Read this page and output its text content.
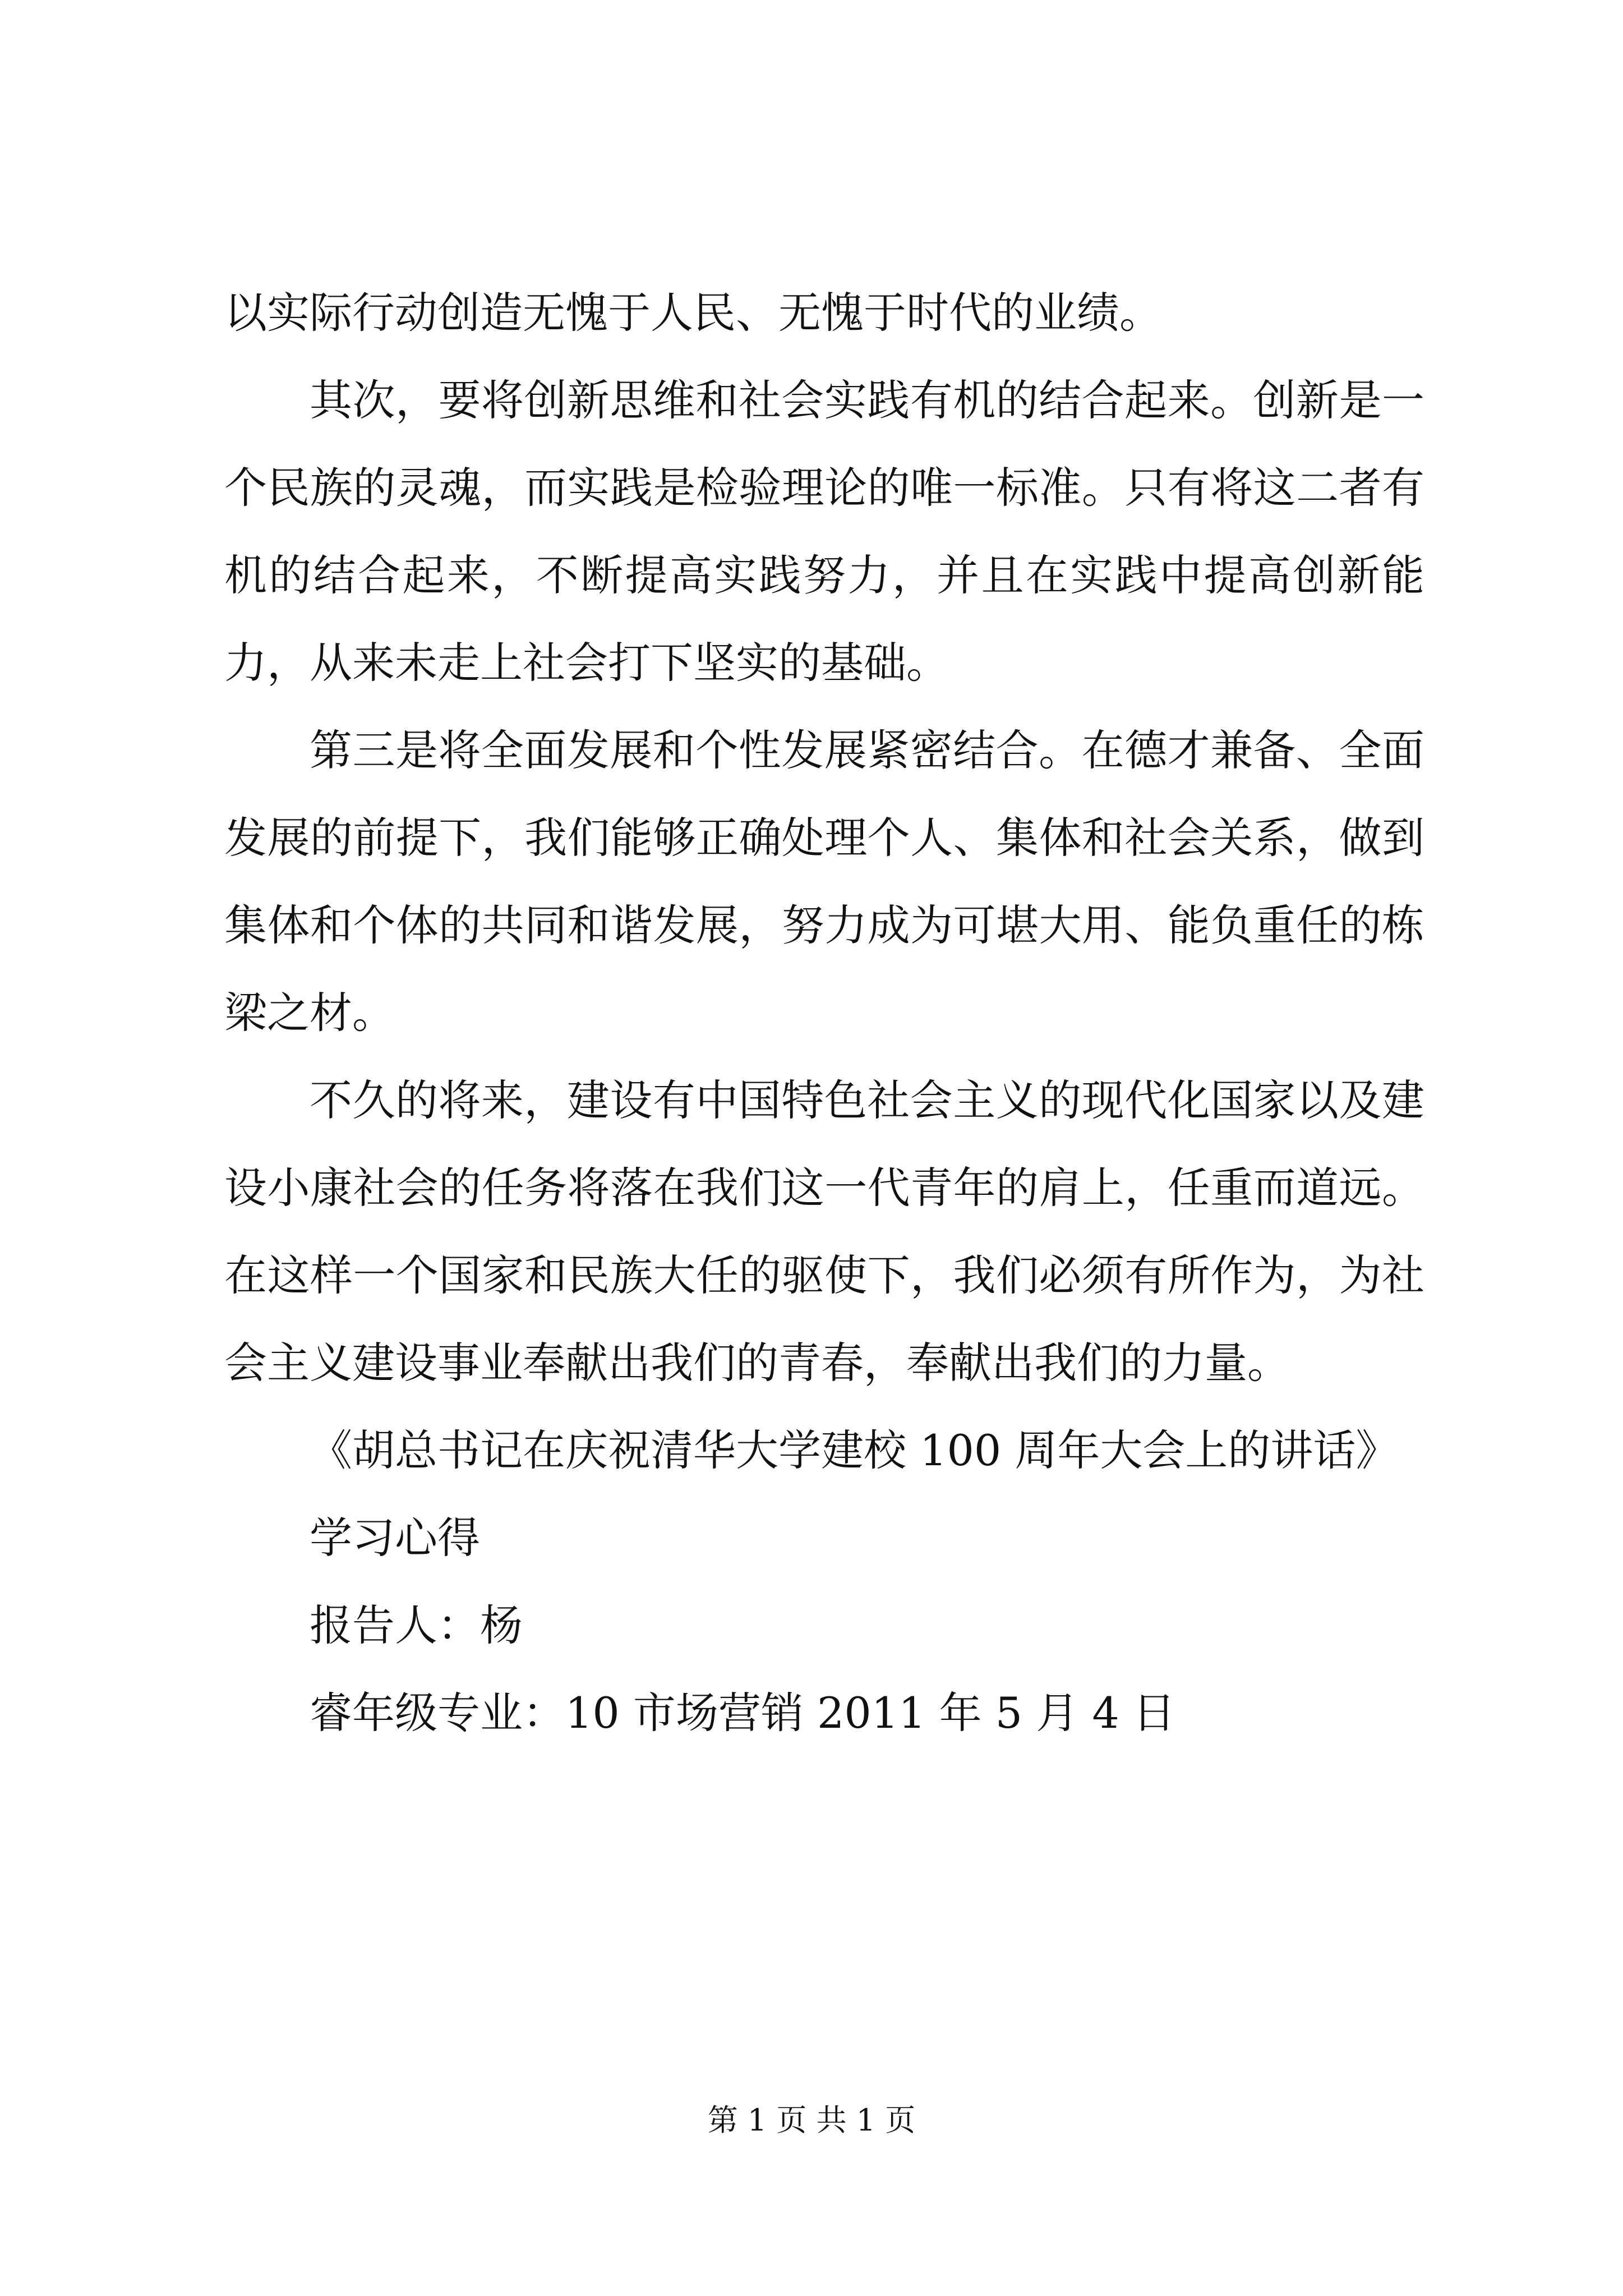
以实际行动创造无愧于人民、无愧于时代的业绩。

其次，要将创新思维和社会实践有机的结合起来。创新是一个民族的灵魂，而实践是检验理论的唯一标准。只有将这二者有机的结合起来，不断提高实践努力，并且在实践中提高创新能力，从来未走上社会打下坚实的基础。

第三是将全面发展和个性发展紧密结合。在德才兼备、全面发展的前提下，我们能够正确处理个人、集体和社会关系，做到集体和个体的共同和谐发展，努力成为可堪大用、能负重任的栋梁之材。

不久的将来，建设有中国特色社会主义的现代化国家以及建设小康社会的任务将落在我们这一代青年的肩上，任重而道远。在这样一个国家和民族大任的驱使下，我们必须有所作为，为社会主义建设事业奉献出我们的青春，奉献出我们的力量。

《胡总书记在庆祝清华大学建校 100 周年大会上的讲话》

学习心得

报告人：杨

睿年级专业：10 市场营销 2011 年 5 月 4 日

第 1 页 共 1 页
